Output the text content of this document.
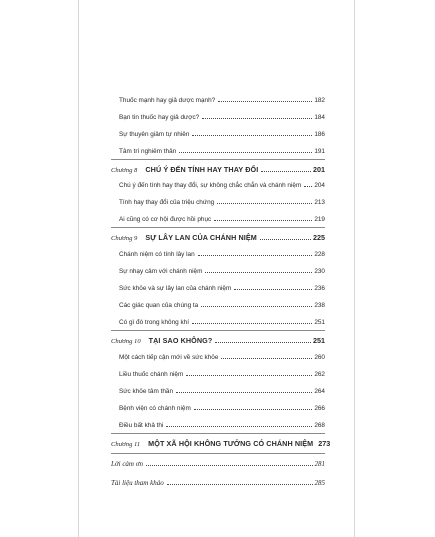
Thuốc mạnh hay giả dược mạnh?	182
Bạn tin thuốc hay giả dược?	184
Sự thuyên giảm tự nhiên	186
Tâm trí nghiêm thân	191
Chương 8 CHÚ Ý ĐẾN TÍNH HAY THAY ĐỔI	201
Chú ý đến tính hay thay đổi, sự không chắc chắn và chánh niệm 204
Tính hay thay đổi của triệu chứng	213
Ai cũng có cơ hội được hồi phục	219
Chương 9 SỰ LÂY LAN CỦA CHÁNH NIỆM	225
Chánh niệm có tính lây lan	228
Sự nhạy cảm với chánh niệm	230
Sức khỏe và sự lây lan của chánh niệm	236
Các giác quan của chúng ta	238
Có gì đó trong không khí	251
Chương 10 TẠI SAO KHÔNG?	251
Một cách tiếp cận mới về sức khỏe	260
Liều thuốc chánh niệm	262
Sức khỏe tâm thần	264
Bệnh viện có chánh niệm	266
Điều bất khả thi	268
Chương 11 MỘT XÃ HỘI KHÔNG TƯỞNG CÓ CHÁNH NIỆM 273
Lời cảm ơn	281
Tài liệu tham khảo	285
